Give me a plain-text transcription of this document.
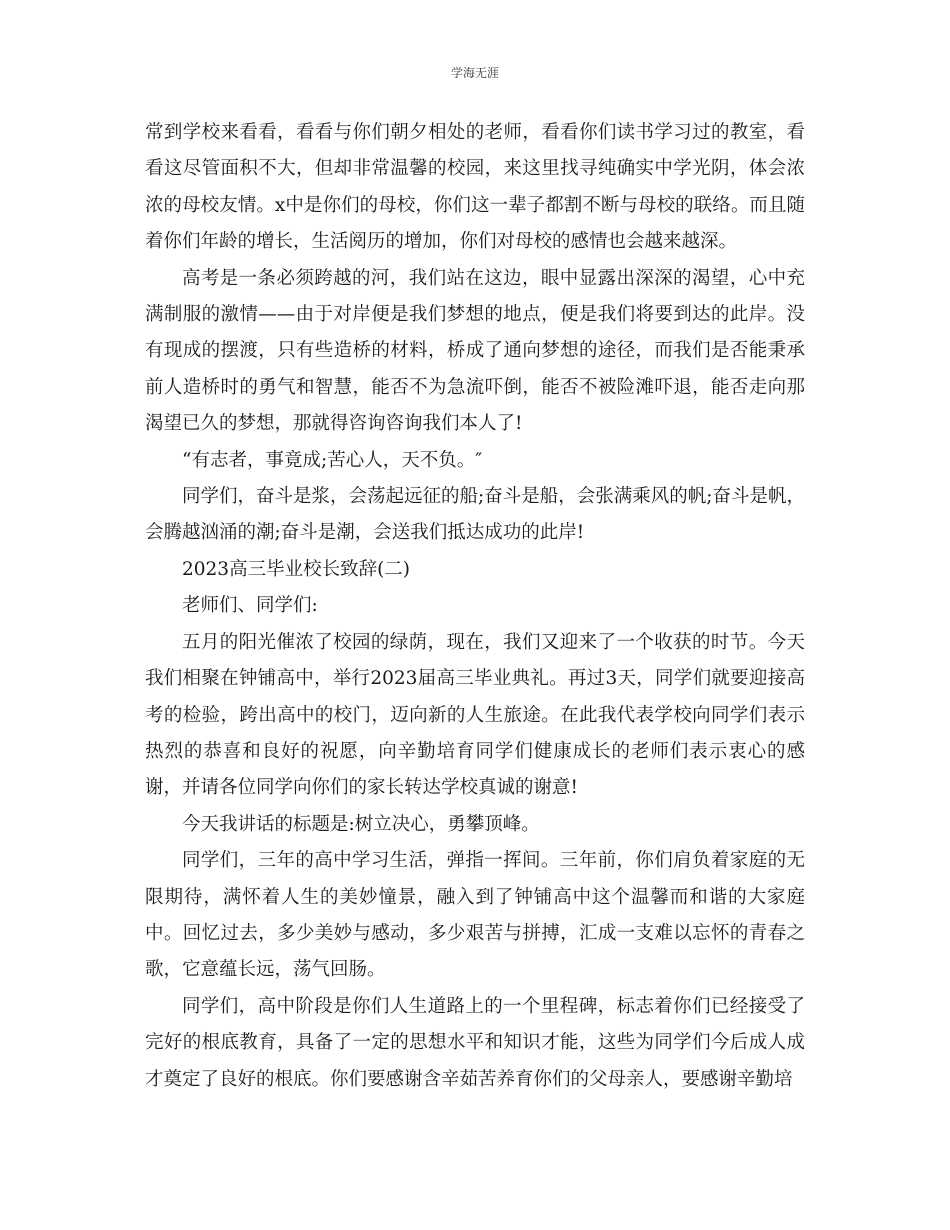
学海无涯

常到学校来看看，看看与你们朝夕相处的老师，看看你们读书学习过的教室，看看这尽管面积不大，但却非常温馨的校园，来这里找寻纯确实中学光阴，体会浓浓的母校友情。x中是你们的母校，你们这一辈子都割不断与母校的联络。而且随着你们年龄的增长，生活阅历的增加，你们对母校的感情也会越来越深。

高考是一条必须跨越的河，我们站在这边，眼中显露出深深的渴望，心中充满制服的激情——由于对岸便是我们梦想的地点，便是我们将要到达的此岸。没有现成的摆渡，只有些造桥的材料，桥成了通向梦想的途径，而我们是否能秉承前人造桥时的勇气和智慧，能否不为急流吓倒，能否不被险滩吓退，能否走向那渴望已久的梦想，那就得咨询咨询我们本人了!

“有志者，事竟成;苦心人，天不负。″

同学们，奋斗是浆，会荡起远征的船;奋斗是船，会张满乘风的帆;奋斗是帆，会腾越汹涌的潮;奋斗是潮，会送我们抵达成功的此岸!

2023高三毕业校长致辞(二)

老师们、同学们:

五月的阳光催浓了校园的绿荫，现在，我们又迎来了一个收获的时节。今天我们相聚在钟铺高中，举行2023届高三毕业典礼。再过3天，同学们就要迎接高考的检验，跨出高中的校门，迈向新的人生旅途。在此我代表学校向同学们表示热烈的恭喜和良好的祝愿，向辛勤培育同学们健康成长的老师们表示衷心的感谢，并请各位同学向你们的家长转达学校真诚的谢意!

今天我讲话的标题是:树立决心，勇攀顶峰。

同学们，三年的高中学习生活，弹指一挥间。三年前，你们肩负着家庭的无限期待，满怀着人生的美妙憧景，融入到了钟铺高中这个温馨而和谐的大家庭中。回忆过去，多少美妙与感动，多少艰苦与拼搏，汇成一支难以忘怀的青春之歌，它意蕴长远，荡气回肠。

同学们，高中阶段是你们人生道路上的一个里程碑，标志着你们已经接受了完好的根底教育，具备了一定的思想水平和知识才能，这些为同学们今后成人成才奠定了良好的根底。你们要感谢含辛茹苦养育你们的父母亲人，要感谢辛勤培
